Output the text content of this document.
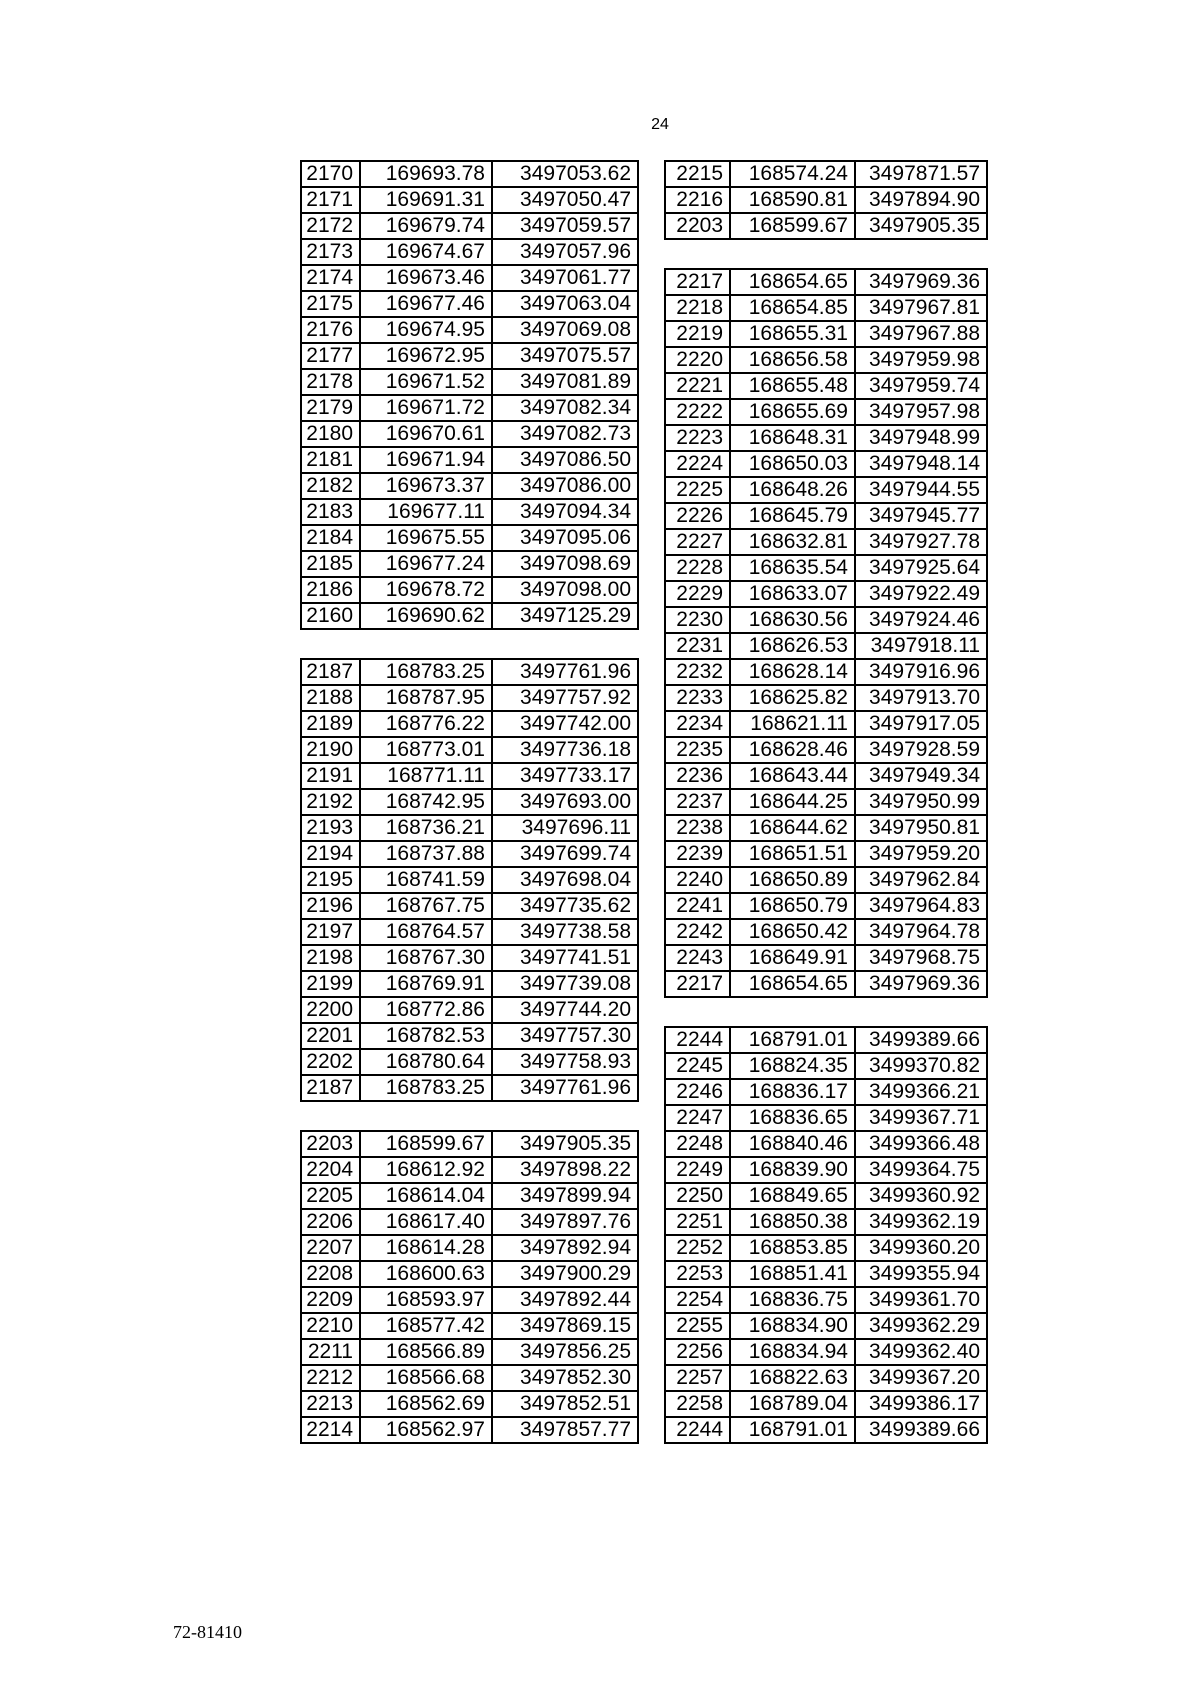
24
2170	169693.78	3497053.62
2171	169691.31	3497050.47
2172	169679.74	3497059.57
2173	169674.67	3497057.96
2174	169673.46	3497061.77
2175	169677.46	3497063.04
2176	169674.95	3497069.08
2177	169672.95	3497075.57
2178	169671.52	3497081.89
2179	169671.72	3497082.34
2180	169670.61	3497082.73
2181	169671.94	3497086.50
2182	169673.37	3497086.00
2183	169677.11	3497094.34
2184	169675.55	3497095.06
2185	169677.24	3497098.69
2186	169678.72	3497098.00
2160	169690.62	3497125.29
2187	168783.25	3497761.96
2188	168787.95	3497757.92
2189	168776.22	3497742.00
2190	168773.01	3497736.18
2191	168771.11	3497733.17
2192	168742.95	3497693.00
2193	168736.21	3497696.11
2194	168737.88	3497699.74
2195	168741.59	3497698.04
2196	168767.75	3497735.62
2197	168764.57	3497738.58
2198	168767.30	3497741.51
2199	168769.91	3497739.08
2200	168772.86	3497744.20
2201	168782.53	3497757.30
2202	168780.64	3497758.93
2187	168783.25	3497761.96
2203	168599.67	3497905.35
2204	168612.92	3497898.22
2205	168614.04	3497899.94
2206	168617.40	3497897.76
2207	168614.28	3497892.94
2208	168600.63	3497900.29
2209	168593.97	3497892.44
2210	168577.42	3497869.15
2211	168566.89	3497856.25
2212	168566.68	3497852.30
2213	168562.69	3497852.51
2214	168562.97	3497857.77
2215	168574.24	3497871.57
2216	168590.81	3497894.90
2203	168599.67	3497905.35
2217	168654.65	3497969.36
2218	168654.85	3497967.81
2219	168655.31	3497967.88
2220	168656.58	3497959.98
2221	168655.48	3497959.74
2222	168655.69	3497957.98
2223	168648.31	3497948.99
2224	168650.03	3497948.14
2225	168648.26	3497944.55
2226	168645.79	3497945.77
2227	168632.81	3497927.78
2228	168635.54	3497925.64
2229	168633.07	3497922.49
2230	168630.56	3497924.46
2231	168626.53	3497918.11
2232	168628.14	3497916.96
2233	168625.82	3497913.70
2234	168621.11	3497917.05
2235	168628.46	3497928.59
2236	168643.44	3497949.34
2237	168644.25	3497950.99
2238	168644.62	3497950.81
2239	168651.51	3497959.20
2240	168650.89	3497962.84
2241	168650.79	3497964.83
2242	168650.42	3497964.78
2243	168649.91	3497968.75
2217	168654.65	3497969.36
2244	168791.01	3499389.66
2245	168824.35	3499370.82
2246	168836.17	3499366.21
2247	168836.65	3499367.71
2248	168840.46	3499366.48
2249	168839.90	3499364.75
2250	168849.65	3499360.92
2251	168850.38	3499362.19
2252	168853.85	3499360.20
2253	168851.41	3499355.94
2254	168836.75	3499361.70
2255	168834.90	3499362.29
2256	168834.94	3499362.40
2257	168822.63	3499367.20
2258	168789.04	3499386.17
2244	168791.01	3499389.66
72-81410
